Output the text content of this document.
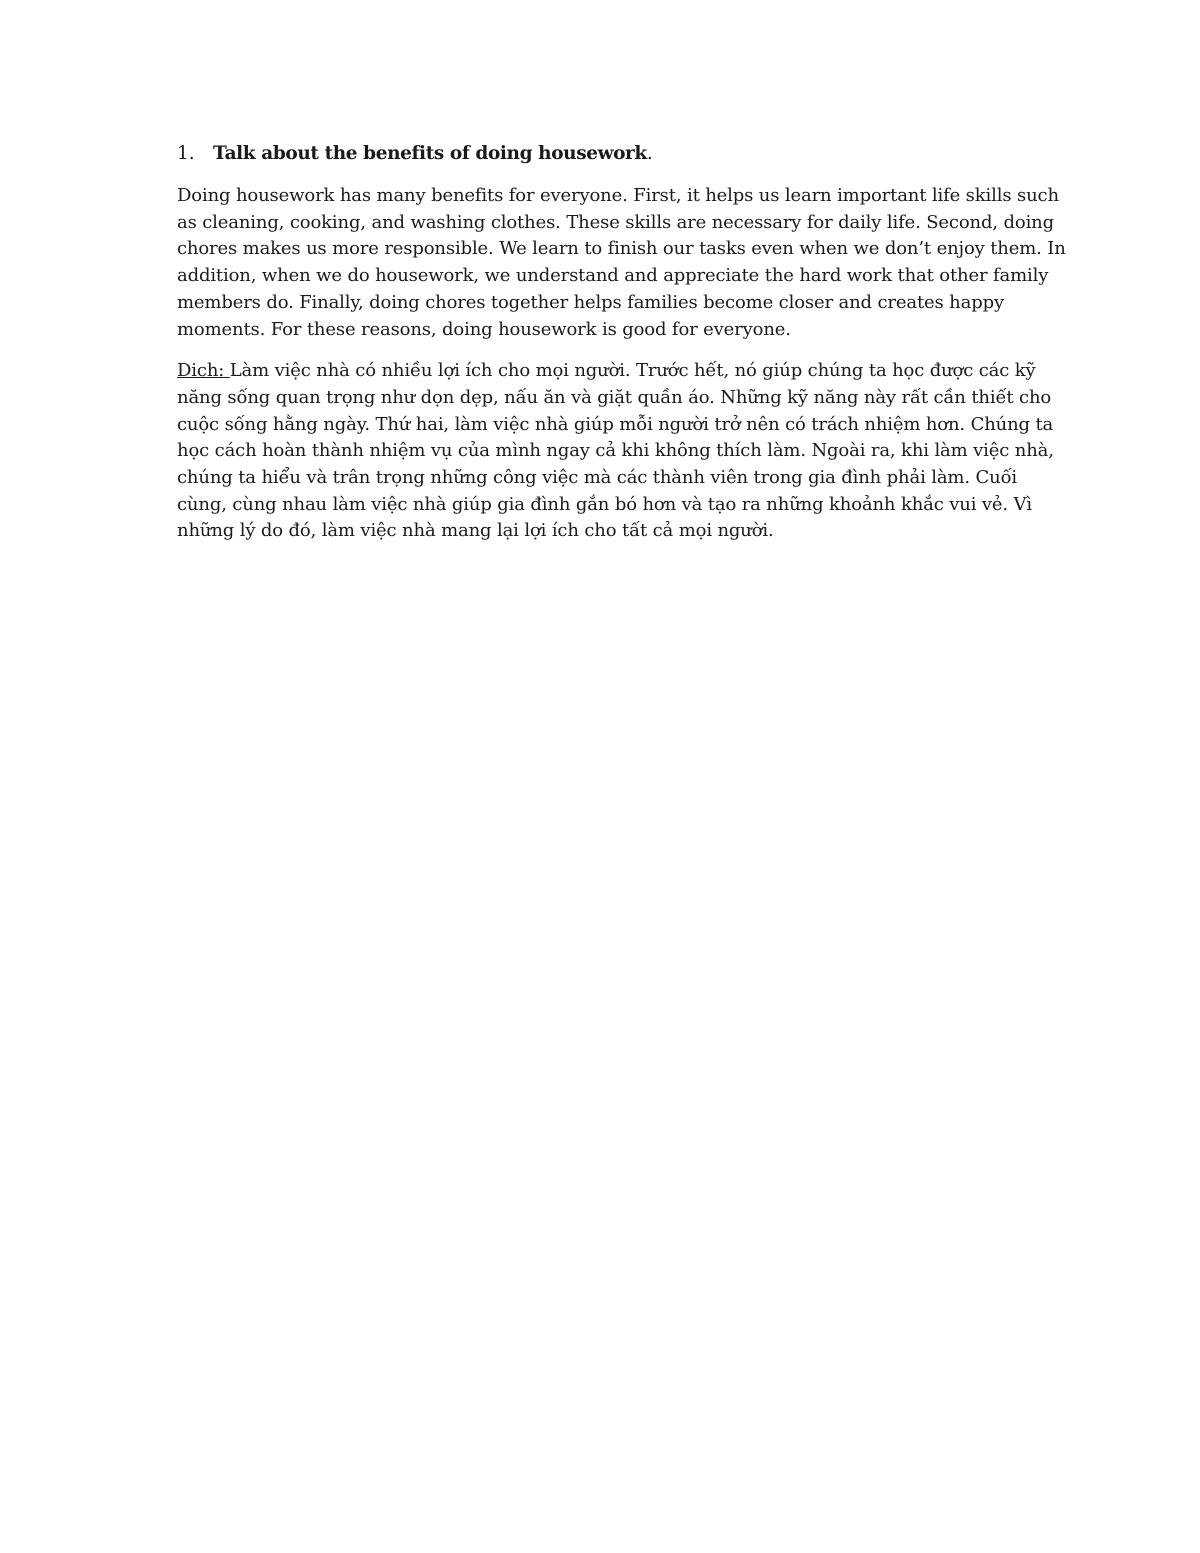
1. Talk about the benefits of doing housework.

Doing housework has many benefits for everyone. First, it helps us learn important life skills such as cleaning, cooking, and washing clothes. These skills are necessary for daily life. Second, doing chores makes us more responsible. We learn to finish our tasks even when we don’t enjoy them. In addition, when we do housework, we understand and appreciate the hard work that other family members do. Finally, doing chores together helps families become closer and creates happy moments. For these reasons, doing housework is good for everyone.

Dich: Làm việc nhà có nhiều lợi ích cho mọi người. Trước hết, nó giúp chúng ta học được các kỹ năng sống quan trọng như dọn dẹp, nấu ăn và giặt quần áo. Những kỹ năng này rất cần thiết cho cuộc sống hằng ngày. Thứ hai, làm việc nhà giúp mỗi người trở nên có trách nhiệm hơn. Chúng ta học cách hoàn thành nhiệm vụ của mình ngay cả khi không thích làm. Ngoài ra, khi làm việc nhà, chúng ta hiểu và trân trọng những công việc mà các thành viên trong gia đình phải làm. Cuối cùng, cùng nhau làm việc nhà giúp gia đình gắn bó hơn và tạo ra những khoảnh khắc vui vẻ. Vì những lý do đó, làm việc nhà mang lại lợi ích cho tất cả mọi người.
